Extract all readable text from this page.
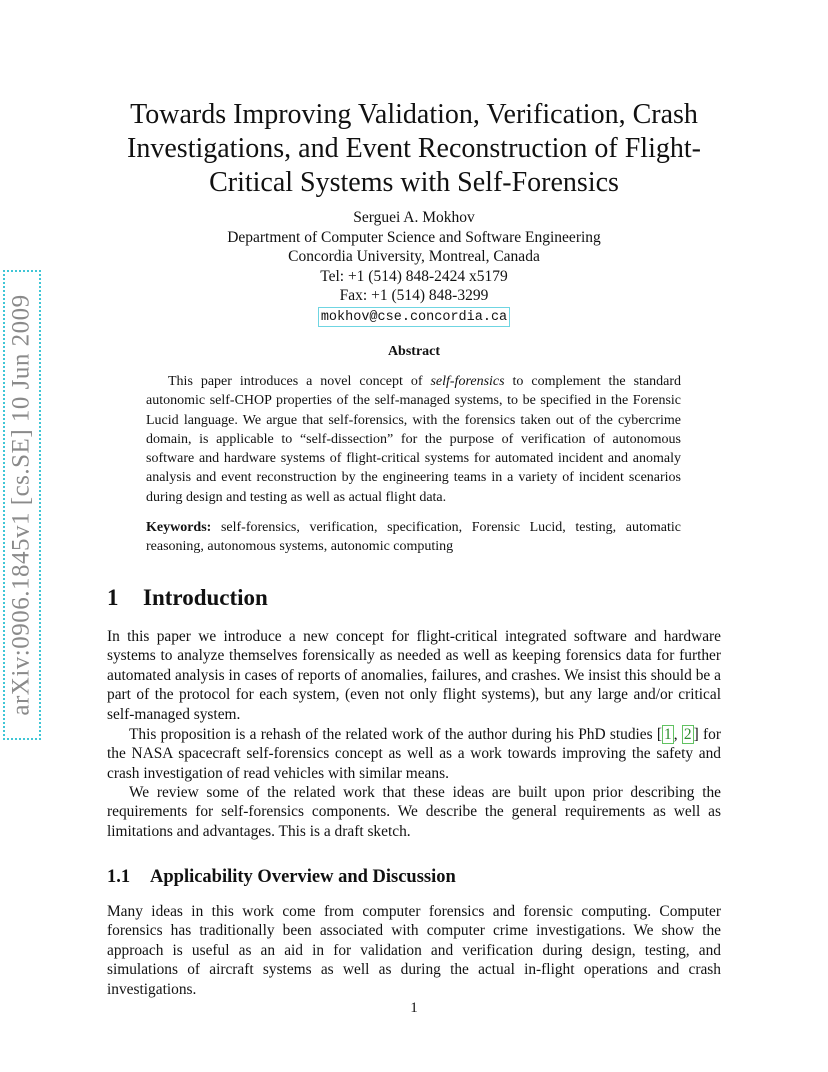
arXiv:0906.1845v1 [cs.SE] 10 Jun 2009
Towards Improving Validation, Verification, Crash Investigations, and Event Reconstruction of Flight-Critical Systems with Self-Forensics
Serguei A. Mokhov
Department of Computer Science and Software Engineering
Concordia University, Montreal, Canada
Tel: +1 (514) 848-2424 x5179
Fax: +1 (514) 848-3299
mokhov@cse.concordia.ca
Abstract

This paper introduces a novel concept of self-forensics to complement the standard autonomic self-CHOP properties of the self-managed systems, to be specified in the Forensic Lucid language. We argue that self-forensics, with the forensics taken out of the cybercrime domain, is applicable to “self-dissection” for the purpose of verification of autonomous software and hardware systems of flight-critical systems for automated incident and anomaly analysis and event reconstruction by the engineering teams in a variety of incident scenarios during design and testing as well as actual flight data.

Keywords: self-forensics, verification, specification, Forensic Lucid, testing, automatic reasoning, autonomous systems, autonomic computing

1 Introduction

In this paper we introduce a new concept for flight-critical integrated software and hardware systems to analyze themselves forensically as needed as well as keeping forensics data for further automated analysis in cases of reports of anomalies, failures, and crashes. We insist this should be a part of the protocol for each system, (even not only flight systems), but any large and/or critical self-managed system.

This proposition is a rehash of the related work of the author during his PhD studies [ 1 , 2 ] for the NASA spacecraft self-forensics concept as well as a work towards improving the safety and crash investigation of read vehicles with similar means.

We review some of the related work that these ideas are built upon prior describing the requirements for self-forensics components. We describe the general requirements as well as limitations and advantages. This is a draft sketch.

1.1 Applicability Overview and Discussion

Many ideas in this work come from computer forensics and forensic computing. Computer forensics has traditionally been associated with computer crime investigations. We show the approach is useful as an aid in for validation and verification during design, testing, and simulations of aircraft systems as well as during the actual in-flight operations and crash investigations.

1
